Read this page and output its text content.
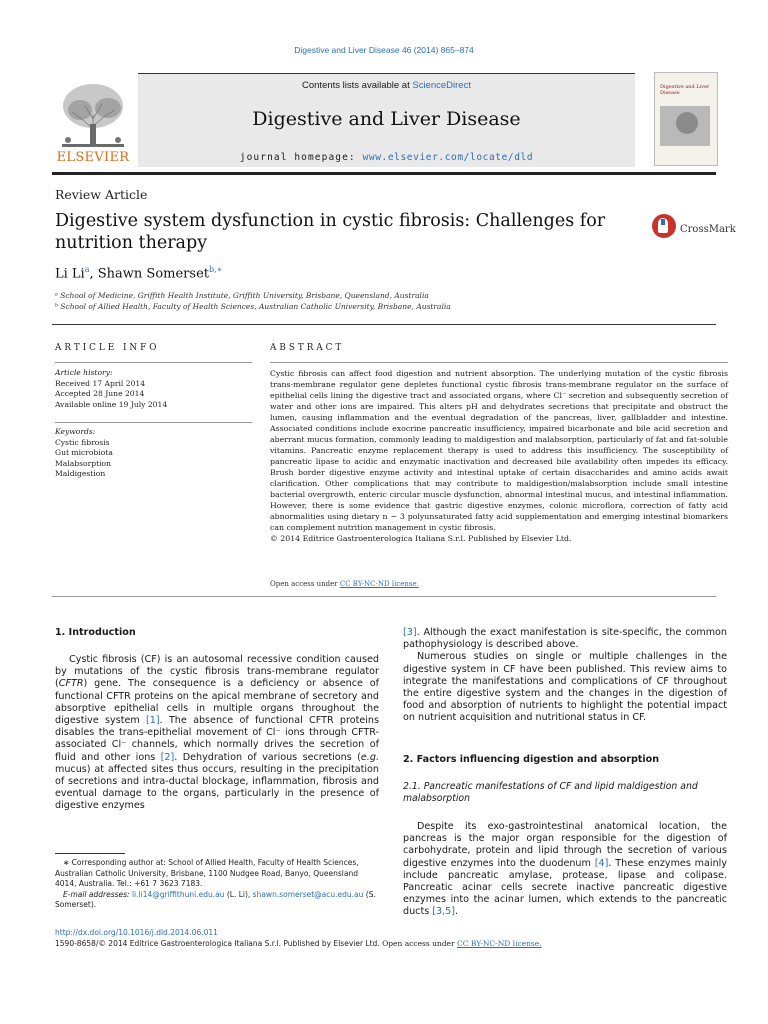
Digestive and Liver Disease 46 (2014) 865–874
ELSEVIER
Contents lists available at ScienceDirect
Digestive and Liver Disease
journal homepage: www.elsevier.com/locate/dld
Digestive and Liver Disease
Review Article
Digestive system dysfunction in cystic fibrosis: Challenges for nutrition therapy
CrossMark
Li Li$^a$, Shawn Somerset$^{b,∗}$
ᵃ School of Medicine, Griffith Health Institute, Griffith University, Brisbane, Queensland, Australia
ᵇ School of Allied Health, Faculty of Health Sciences, Australian Catholic University, Brisbane, Australia
ARTICLE INFO
Article history:
Received 17 April 2014
Accepted 28 June 2014
Available online 19 July 2014
Keywords:
Cystic fibrosis
Gut microbiota
Malabsorption
Maldigestion
ABSTRACT
Cystic fibrosis can affect food digestion and nutrient absorption. The underlying mutation of the cystic fibrosis trans-membrane regulator gene depletes functional cystic fibrosis trans-membrane regulator on the surface of epithelial cells lining the digestive tract and associated organs, where Cl⁻ secretion and subsequently secretion of water and other ions are impaired. This alters pH and dehydrates secretions that precipitate and obstruct the lumen, causing inflammation and the eventual degradation of the pancreas, liver, gallbladder and intestine. Associated conditions include exocrine pancreatic insufficiency, impaired bicarbonate and bile acid secretion and aberrant mucus formation, commonly leading to maldigestion and malabsorption, particularly of fat and fat-soluble vitamins. Pancreatic enzyme replacement therapy is used to address this insufficiency. The susceptibility of pancreatic lipase to acidic and enzymatic inactivation and decreased bile availability often impedes its efficacy. Brush border digestive enzyme activity and intestinal uptake of certain disaccharides and amino acids await clarification. Other complications that may contribute to maldigestion/malabsorption include small intestine bacterial overgrowth, enteric circular muscle dysfunction, abnormal intestinal mucus, and intestinal inflammation. However, there is some evidence that gastric digestive enzymes, colonic microflora, correction of fatty acid abnormalities using dietary n − 3 polyunsaturated fatty acid supplementation and emerging intestinal biomarkers can complement nutrition management in cystic fibrosis.
© 2014 Editrice Gastroenterologica Italiana S.r.l. Published by Elsevier Ltd.
Open access under CC BY-NC-ND license.
1. Introduction

Cystic fibrosis (CF) is an autosomal recessive condition caused by mutations of the cystic fibrosis trans-membrane regulator (CFTR) gene. The consequence is a deficiency or absence of functional CFTR proteins on the apical membrane of secretory and absorptive epithelial cells in multiple organs throughout the digestive system [1]. The absence of functional CFTR proteins disables the trans-epithelial movement of Cl⁻ ions through CFTR-associated Cl⁻ channels, which normally drives the secretion of fluid and other ions [2]. Dehydration of various secretions (e.g. mucus) at affected sites thus occurs, resulting in the precipitation of secretions and intra-ductal blockage, inflammation, fibrosis and eventual damage to the organs, particularly in the presence of digestive enzymes

∗ Corresponding author at: School of Allied Health, Faculty of Health Sciences, Australian Catholic University, Brisbane, 1100 Nudgee Road, Banyo, Queensland 4014, Australia. Tel.: +61 7 3623 7183.
E-mail addresses: li.li14@griffithuni.edu.au (L. Li), shawn.somerset@acu.edu.au (S. Somerset).

[3]. Although the exact manifestation is site-specific, the common pathophysiology is described above.

Numerous studies on single or multiple challenges in the digestive system in CF have been published. This review aims to integrate the manifestations and complications of CF throughout the entire digestive system and the changes in the digestion of food and absorption of nutrients to highlight the potential impact on nutrient acquisition and nutritional status in CF.

2. Factors influencing digestion and absorption
2.1. Pancreatic manifestations of CF and lipid maldigestion and malabsorption

Despite its exo-gastrointestinal anatomical location, the pancreas is the major organ responsible for the digestion of carbohydrate, protein and lipid through the secretion of various digestive enzymes into the duodenum [4]. These enzymes mainly include pancreatic amylase, protease, lipase and colipase. Pancreatic acinar cells secrete inactive pancreatic digestive enzymes into the acinar lumen, which extends to the pancreatic ducts [3,5].

http://dx.doi.org/10.1016/j.dld.2014.06.011
1590-8658/© 2014 Editrice Gastroenterologica Italiana S.r.l. Published by Elsevier Ltd. Open access under CC BY-NC-ND license.
